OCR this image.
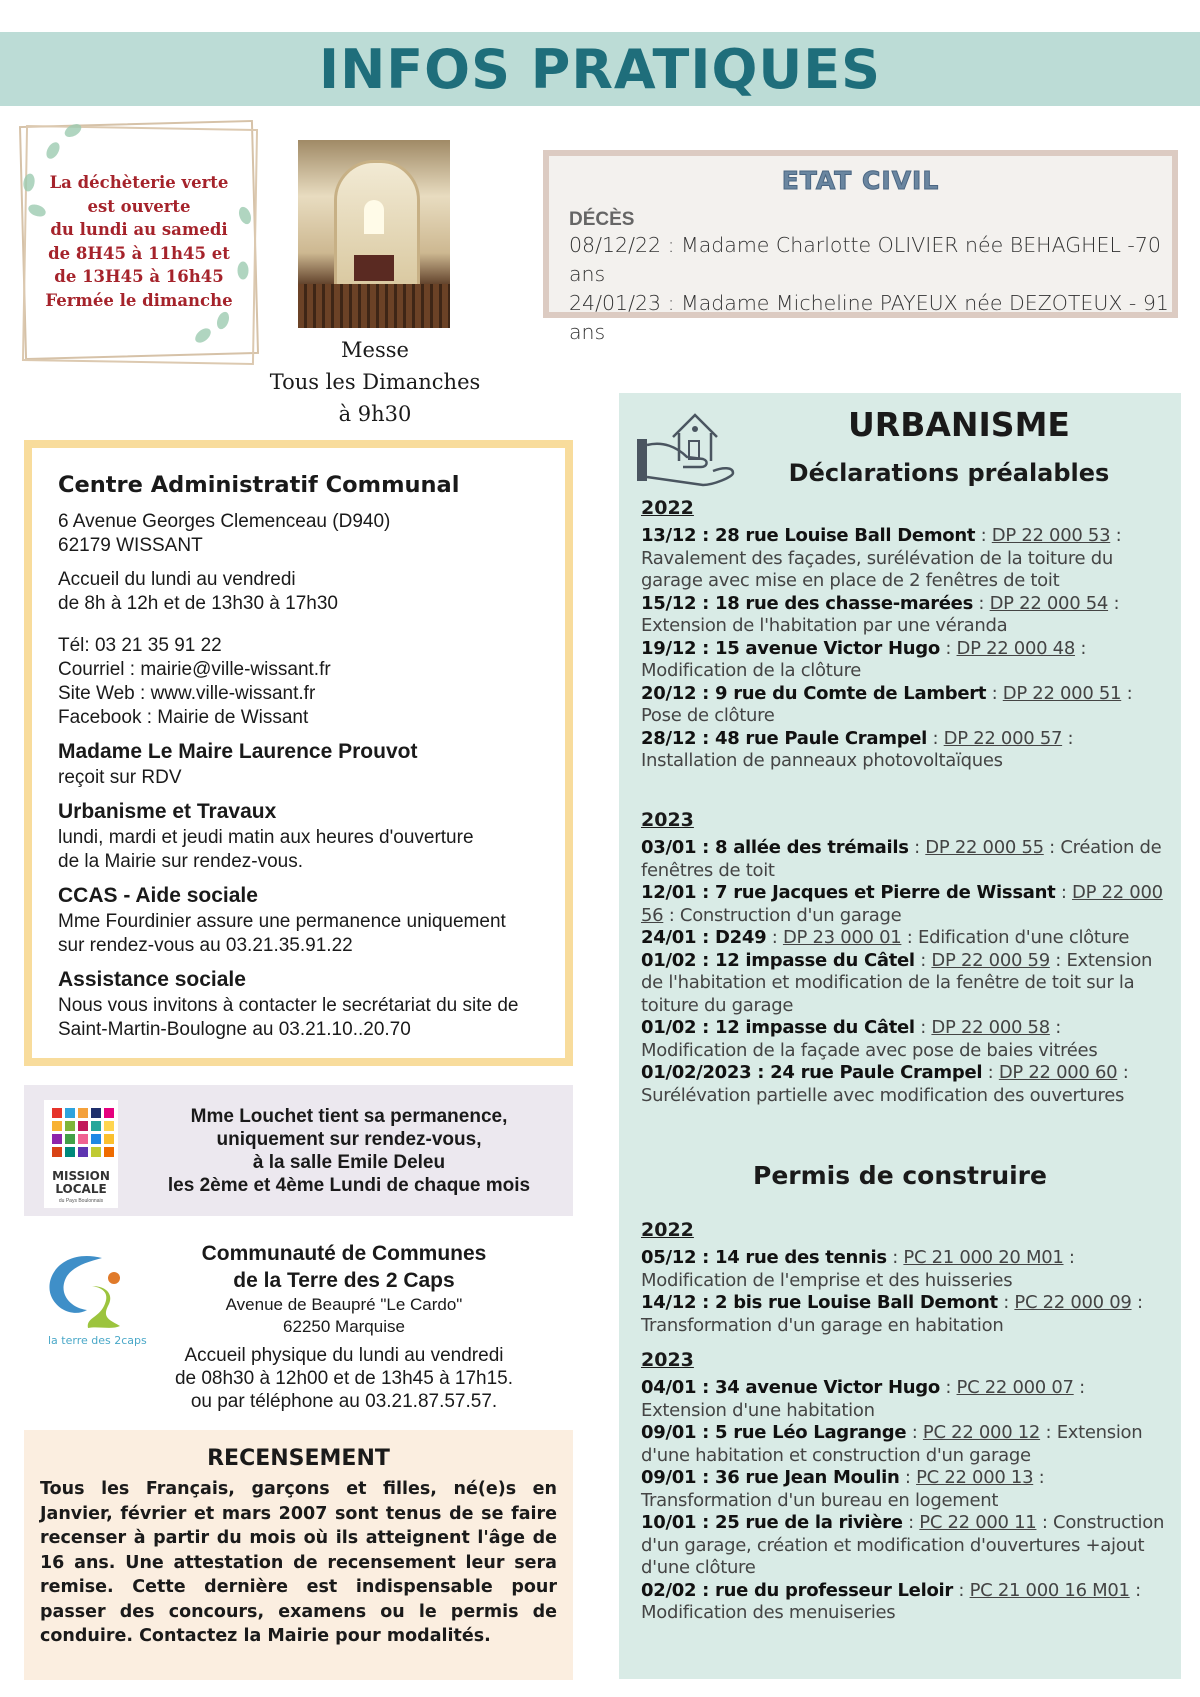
INFOS PRATIQUES
La déchèterie verte
est ouverte
du lundi au samedi
de 8H45 à 11h45 et
de 13H45 à 16h45
Fermée le dimanche
Messe
Tous les Dimanches
à 9h30
ETAT CIVIL
DÉCÈS
08/12/22 : Madame Charlotte OLIVIER née BEHAGHEL -70 ans
24/01/23 : Madame Micheline PAYEUX née DEZOTEUX - 91 ans
Centre Administratif Communal

6 Avenue Georges Clemenceau (D940)
62179 WISSANT

Accueil du lundi au vendredi
de 8h à 12h et de 13h30 à 17h30

Tél: 03 21 35 91 22
Courriel : mairie@ville-wissant.fr
Site Web : www.ville-wissant.fr
Facebook : Mairie de Wissant

Madame Le Maire Laurence Prouvot

reçoit sur RDV

Urbanisme et Travaux

lundi, mardi et jeudi matin aux heures d'ouverture
de la Mairie sur rendez-vous.

CCAS - Aide sociale

Mme Fourdinier assure une permanence uniquement
sur rendez-vous au 03.21.35.91.22

Assistance sociale

Nous vous invitons à contacter le secrétariat du site de
Saint-Martin-Boulogne au 03.21.10..20.70

MISSION
LOCALE
du Pays Boulonnais
Mme Louchet tient sa permanence,
uniquement sur rendez-vous,
à la salle Emile Deleu
les 2ème et 4ème Lundi de chaque mois
la terre des 2caps
Communauté de Communes
de la Terre des 2 Caps
Avenue de Beaupré "Le Cardo"
62250 Marquise
Accueil physique du lundi au vendredi
de 08h30 à 12h00 et de 13h45 à 17h15.
ou par téléphone au 03.21.87.57.57.
RECENSEMENT

Tous les Français, garçons et filles, né(e)s en Janvier, février et mars 2007 sont tenus de se faire recenser à partir du mois où ils atteignent l'âge de 16 ans. Une attestation de recensement leur sera remise. Cette dernière est indispensable pour passer des concours, examens ou le permis de conduire. Contactez la Mairie pour modalités.

URBANISME
Déclarations préalables
2022
13/12 : 28 rue Louise Ball Demont : DP 22 000 53 : Ravalement des façades, surélévation de la toiture du garage avec mise en place de 2 fenêtres de toit
15/12 : 18 rue des chasse-marées : DP 22 000 54 : Extension de l'habitation par une véranda
19/12 : 15 avenue Victor Hugo : DP 22 000 48 : Modification de la clôture
20/12 : 9 rue du Comte de Lambert : DP 22 000 51 : Pose de clôture
28/12 : 48 rue Paule Crampel : DP 22 000 57 : Installation de panneaux photovoltaïques
2023
03/01 : 8 allée des trémails : DP 22 000 55 : Création de fenêtres de toit
12/01 : 7 rue Jacques et Pierre de Wissant : DP 22 000 56 : Construction d'un garage
24/01 : D249 : DP 23 000 01 : Edification d'une clôture
01/02 : 12 impasse du Câtel : DP 22 000 59 : Extension de l'habitation et modification de la fenêtre de toit sur la toiture du garage
01/02 : 12 impasse du Câtel : DP 22 000 58 : Modification de la façade avec pose de baies vitrées
01/02/2023 : 24 rue Paule Crampel : DP 22 000 60 : Surélévation partielle avec modification des ouvertures
Permis de construire
2022
05/12 : 14 rue des tennis : PC 21 000 20 M01 : Modification de l'emprise et des huisseries
14/12 : 2 bis rue Louise Ball Demont : PC 22 000 09 : Transformation d'un garage en habitation
2023
04/01 : 34 avenue Victor Hugo : PC 22 000 07 : Extension d'une habitation
09/01 : 5 rue Léo Lagrange : PC 22 000 12 : Extension d'une habitation et construction d'un garage
09/01 : 36 rue Jean Moulin : PC 22 000 13 : Transformation d'un bureau en logement
10/01 : 25 rue de la rivière : PC 22 000 11 : Construction d'un garage, création et modification d'ouvertures +ajout d'une clôture
02/02 : rue du professeur Leloir : PC 21 000 16 M01 : Modification des menuiseries
